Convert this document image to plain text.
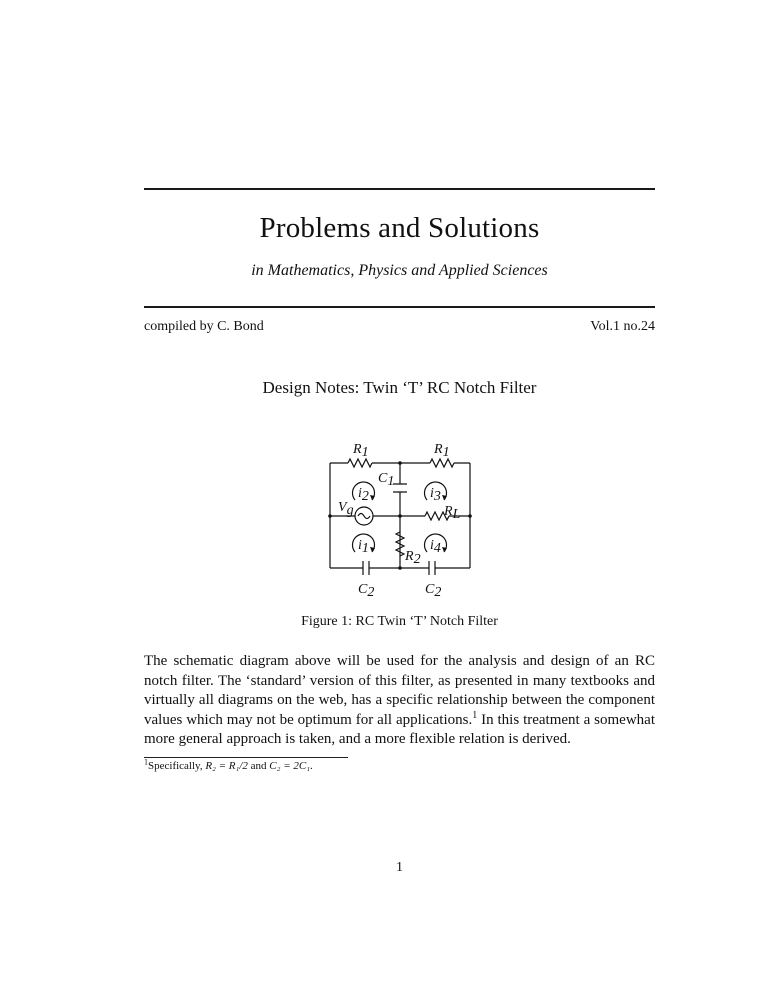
Problems and Solutions
in Mathematics, Physics and Applied Sciences
compiled by C. Bond	Vol.1 no.24
Design Notes: Twin ‘T’ RC Notch Filter
R1	R1
C1
i2	i3
Vg	RL
i1	i4
R2
C2	C2
Figure 1: RC Twin ‘T’ Notch Filter
The schematic diagram above will be used for the analysis and design of an RC notch filter. The ‘standard’ version of this filter, as presented in many textbooks and virtually all diagrams on the web, has a specific relationship between the component values which may not be optimum for all applications.$^1$ In this treatment a somewhat more general approach is taken, and a more flexible relation is derived.
$^1$Specifically, R₂ = R₁/2 and C₂ = 2C₁.
1
